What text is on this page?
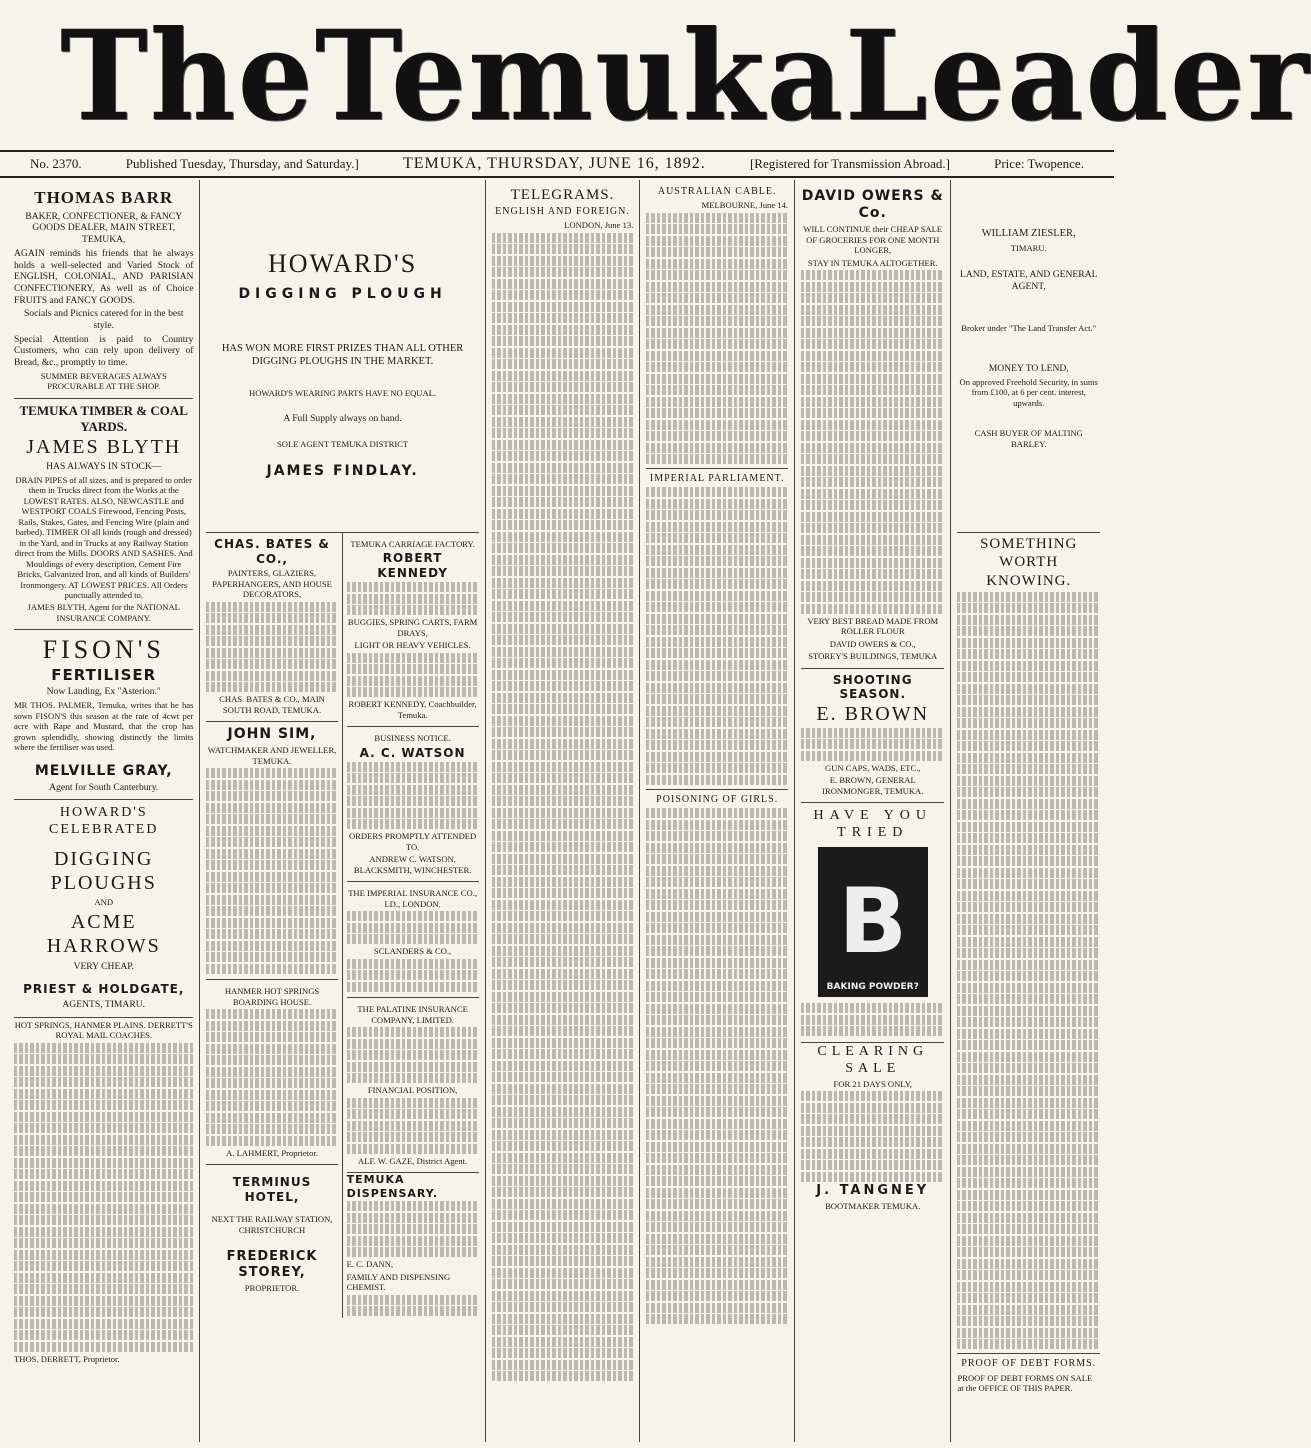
The Temuka Leader
No. 2370.	Published Tuesday, Thursday, and Saturday.]	TEMUKA, THURSDAY, JUNE 16, 1892.	[Registered for Transmission Abroad.]	Price: Twopence.
THOMAS BARR

BAKER, CONFECTIONER, & FANCY GOODS DEALER, MAIN STREET, TEMUKA,

AGAIN reminds his friends that he always holds a well-selected and Varied Stock of ENGLISH, COLONIAL, AND PARISIAN CONFECTIONERY, As well as of Choice FRUITS and FANCY GOODS.

Socials and Picnics catered for in the best style.

Special Attention is paid to Country Customers, who can rely upon delivery of Bread, &c., promptly to time.

SUMMER BEVERAGES ALWAYS PROCURABLE AT THE SHOP.

TEMUKA TIMBER & COAL YARDS.
JAMES BLYTH

HAS ALWAYS IN STOCK—

DRAIN PIPES of all sizes, and is prepared to order them in Trucks direct from the Works at the LOWEST RATES. ALSO, NEWCASTLE and WESTPORT COALS Firewood, Fencing Posts, Rails, Stakes, Gates, and Fencing Wire (plain and barbed). TIMBER Of all kinds (rough and dressed) in the Yard, and in Trucks at any Railway Station direct from the Mills. DOORS AND SASHES. And Mouldings of every description, Cement Fire Bricks, Galvanized Iron, and all kinds of Builders' Ironmongery. AT LOWEST PRICES. All Orders punctually attended to.

JAMES BLYTH, Agent for the NATIONAL INSURANCE COMPANY.

FISON'S
FERTILISER

Now Landing, Ex "Asterion."

MR THOS. PALMER, Temuka, writes that he has sown FISON'S this season at the rate of 4cwt per acre with Rape and Mustard, that the crop has grown splendidly, showing distinctly the limits where the fertiliser was used.

MELVILLE GRAY,

Agent for South Canterbury.

HOWARD'S CELEBRATED
DIGGING PLOUGHS

AND

ACME HARROWS

VERY CHEAP.

PRIEST & HOLDGATE,

AGENTS, TIMARU.

HOT SPRINGS, HANMER PLAINS. DERRETT'S ROYAL MAIL COACHES.

THOS. DERRETT, Proprietor.

HOWARD'S
DIGGING PLOUGH

HAS WON MORE FIRST PRIZES THAN ALL OTHER DIGGING PLOUGHS IN THE MARKET.

HOWARD'S WEARING PARTS HAVE NO EQUAL.

A Full Supply always on hand.

SOLE AGENT TEMUKA DISTRICT

JAMES FINDLAY.
CHAS. BATES & CO.,

PAINTERS, GLAZIERS, PAPERHANGERS, AND HOUSE DECORATORS,

CHAS. BATES & CO., MAIN SOUTH ROAD, TEMUKA.

JOHN SIM,

WATCHMAKER AND JEWELLER, TEMUKA.

HANMER HOT SPRINGS BOARDING HOUSE.

A. LAHMERT, Proprietor.

TERMINUS HOTEL,

NEXT THE RAILWAY STATION, CHRISTCHURCH

FREDERICK STOREY,

PROPRIETOR.

TEMUKA CARRIAGE FACTORY.

ROBERT KENNEDY

BUGGIES, SPRING CARTS, FARM DRAYS,

LIGHT OR HEAVY VEHICLES.

ROBERT KENNEDY, Coachbuilder, Temuka.

BUSINESS NOTICE.

A. C. WATSON

ORDERS PROMPTLY ATTENDED TO.

ANDREW C. WATSON, BLACKSMITH, WINCHESTER.

THE IMPERIAL INSURANCE CO., LD., LONDON.

SCLANDERS & CO.,

THE PALATINE INSURANCE COMPANY, LIMITED.

FINANCIAL POSITION,

ALF. W. GAZE, District Agent.

TEMUKA DISPENSARY.

E. C. DANN,

FAMILY AND DISPENSING CHEMIST.

TELEGRAMS.
ENGLISH AND FOREIGN.

LONDON, June 13.

AUSTRALIAN CABLE.

MELBOURNE, June 14.

IMPERIAL PARLIAMENT.
POISONING OF GIRLS.
DAVID OWERS & Co.

WILL CONTINUE their CHEAP SALE OF GROCERIES FOR ONE MONTH LONGER,

STAY IN TEMUKA ALTOGETHER.

VERY BEST BREAD MADE FROM ROLLER FLOUR

DAVID OWERS & CO.,

STOREY'S BUILDINGS, TEMUKA

SHOOTING SEASON.
E. BROWN

GUN CAPS, WADS, ETC.,

E. BROWN, GENERAL IRONMONGER, TEMUKA.

HAVE YOU TRIED
B
BAKING POWDER?
CLEARING SALE

FOR 21 DAYS ONLY,

J. TANGNEY

BOOTMAKER TEMUKA.

WILLIAM ZIESLER,

TIMARU.

LAND, ESTATE, AND GENERAL AGENT,

Broker under "The Land Transfer Act."

MONEY TO LEND,

On approved Freehold Security, in sums from £100, at 6 per cent. interest, upwards.

CASH BUYER OF MALTING BARLEY.

SOMETHING WORTH KNOWING.
PROOF OF DEBT FORMS.

PROOF OF DEBT FORMS ON SALE at the OFFICE OF THIS PAPER.
